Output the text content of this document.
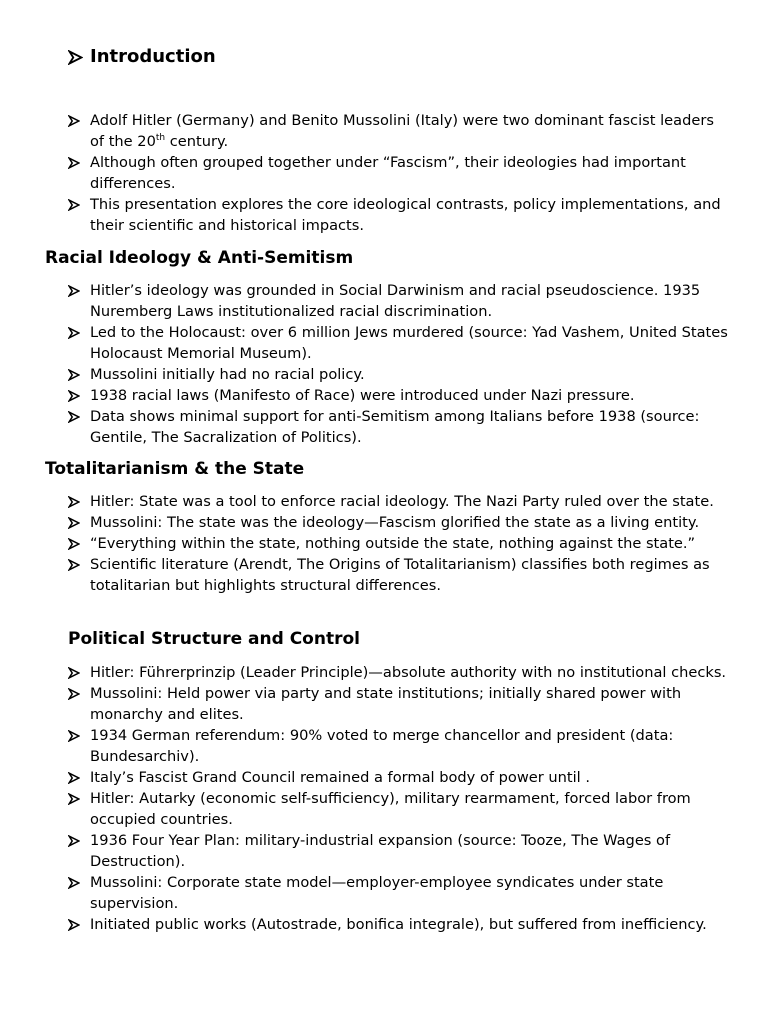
Introduction
Adolf Hitler (Germany) and Benito Mussolini (Italy) were two dominant fascist leaders of the 20th century.
Although often grouped together under “Fascism”, their ideologies had important differences.
This presentation explores the core ideological contrasts, policy implementations, and their scientific and historical impacts.
Racial Ideology & Anti-Semitism
Hitler’s ideology was grounded in Social Darwinism and racial pseudoscience. 1935 Nuremberg Laws institutionalized racial discrimination.
Led to the Holocaust: over 6 million Jews murdered (source: Yad Vashem, United States Holocaust Memorial Museum).
Mussolini initially had no racial policy.
1938 racial laws (Manifesto of Race) were introduced under Nazi pressure.
Data shows minimal support for anti-Semitism among Italians before 1938 (source: Gentile, The Sacralization of Politics).
Totalitarianism & the State
Hitler: State was a tool to enforce racial ideology. The Nazi Party ruled over the state.
Mussolini: The state was the ideology—Fascism glorified the state as a living entity.
“Everything within the state, nothing outside the state, nothing against the state.”
Scientific literature (Arendt, The Origins of Totalitarianism) classifies both regimes as totalitarian but highlights structural differences.
Political Structure and Control
Hitler: Führerprinzip (Leader Principle)—absolute authority with no institutional checks.
Mussolini: Held power via party and state institutions; initially shared power with monarchy and elites.
1934 German referendum: 90% voted to merge chancellor and president (data: Bundesarchiv).
Italy’s Fascist Grand Council remained a formal body of power until .
Hitler: Autarky (economic self-sufficiency), military rearmament, forced labor from occupied countries.
1936 Four Year Plan: military-industrial expansion (source: Tooze, The Wages of Destruction).
Mussolini: Corporate state model—employer-employee syndicates under state supervision.
Initiated public works (Autostrade, bonifica integrale), but suffered from inefficiency.
